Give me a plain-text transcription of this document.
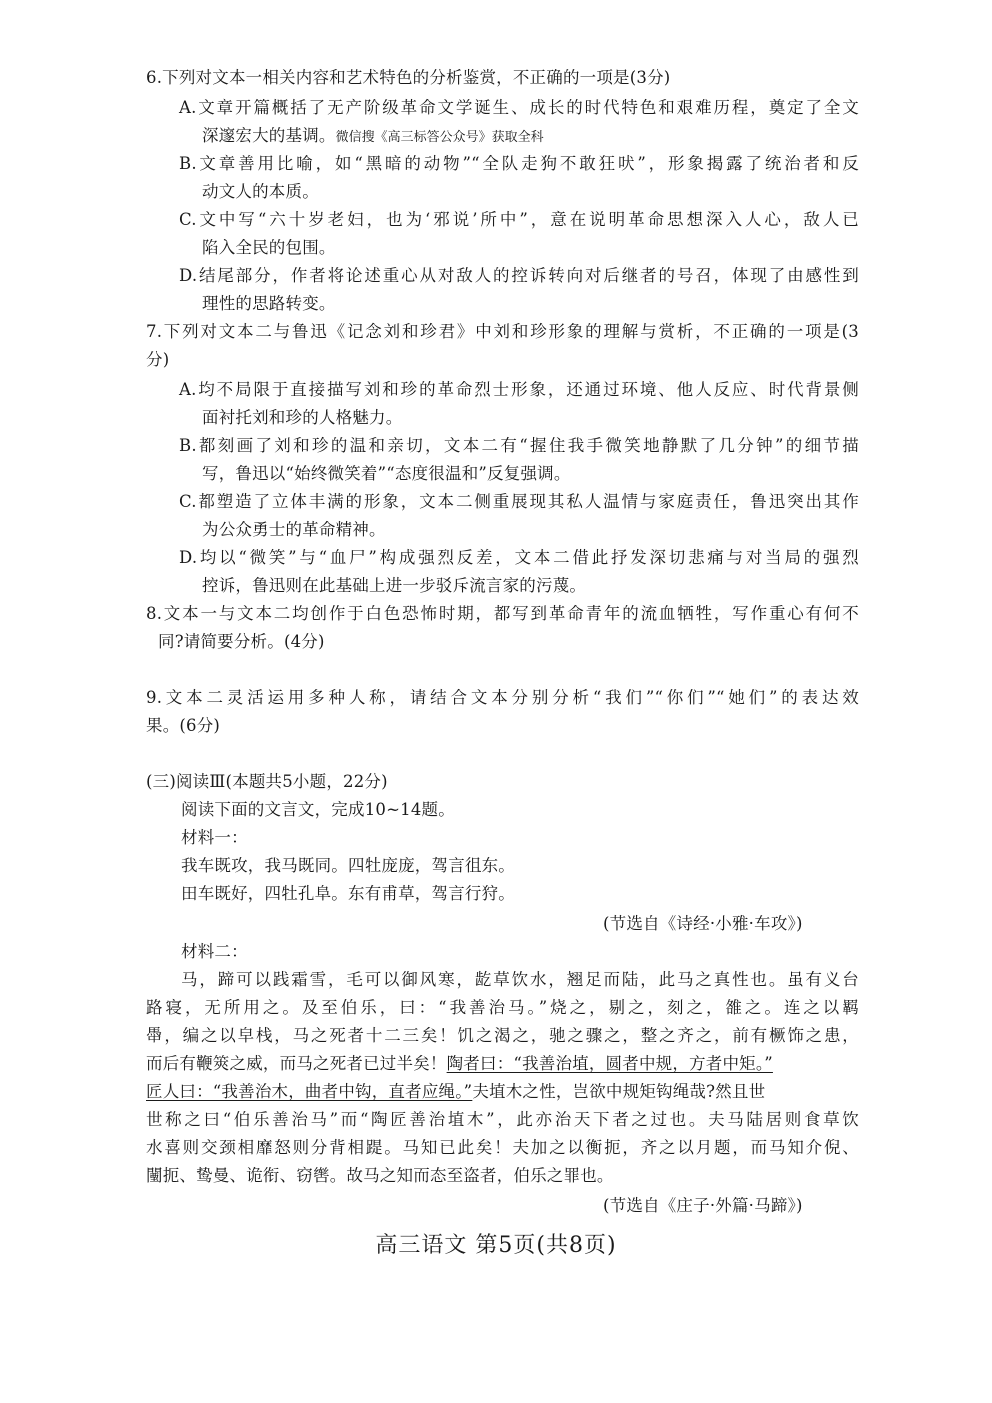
6.下列对文本一相关内容和艺术特色的分析鉴赏，不正确的一项是(3分)
A.文章开篇概括了无产阶级革命文学诞生、成长的时代特色和艰难历程，奠定了全文
深邃宏大的基调。微信搜《高三标答公众号》获取全科
B.文章善用比喻，如“黑暗的动物”“全队走狗不敢狂吠”，形象揭露了统治者和反
动文人的本质。
C.文中写“六十岁老妇，也为‘邪说’所中”，意在说明革命思想深入人心，敌人已
陷入全民的包围。
D.结尾部分，作者将论述重心从对敌人的控诉转向对后继者的号召，体现了由感性到
理性的思路转变。
7.下列对文本二与鲁迅《记念刘和珍君》中刘和珍形象的理解与赏析，不正确的一项是(3
分)
A.均不局限于直接描写刘和珍的革命烈士形象，还通过环境、他人反应、时代背景侧
面衬托刘和珍的人格魅力。
B.都刻画了刘和珍的温和亲切，文本二有“握住我手微笑地静默了几分钟”的细节描
写，鲁迅以“始终微笑着”“态度很温和”反复强调。
C.都塑造了立体丰满的形象，文本二侧重展现其私人温情与家庭责任，鲁迅突出其作
为公众勇士的革命精神。
D.均以“微笑”与“血尸”构成强烈反差，文本二借此抒发深切悲痛与对当局的强烈
控诉，鲁迅则在此基础上进一步驳斥流言家的污蔑。
8.文本一与文本二均创作于白色恐怖时期，都写到革命青年的流血牺牲，写作重心有何不
同?请简要分析。(4分)
9.文本二灵活运用多种人称，请结合文本分别分析“我们”“你们”“她们”的表达效
果。(6分)
(三)阅读Ⅲ(本题共5小题，22分)
阅读下面的文言文，完成10~14题。
材料一：
我车既攻，我马既同。四牡庞庞，驾言徂东。
田车既好，四牡孔阜。东有甫草，驾言行狩。
(节选自《诗经·小雅·车攻》)
材料二：
马，蹄可以践霜雪，毛可以御风寒，龁草饮水，翘足而陆，此马之真性也。虽有义台
路寝，无所用之。及至伯乐，曰：“我善治马。”烧之，剔之，刻之，雒之。连之以羁
馽，编之以皁栈，马之死者十二三矣！饥之渴之，驰之骤之，整之齐之，前有橛饰之患，
而后有鞭筴之威，而马之死者已过半矣！陶者曰：“我善治埴，圆者中规，方者中矩。”
匠人曰：“我善治木，曲者中钩，直者应绳。”夫埴木之性，岂欲中规矩钩绳哉?然且世
世称之曰“伯乐善治马”而“陶匠善治埴木”，此亦治天下者之过也。夫马陆居则食草饮
水喜则交颈相靡怒则分背相踶。马知已此矣！夫加之以衡扼，齐之以月题，而马知介倪、
闉扼、鸷曼、诡衔、窃辔。故马之知而态至盗者，伯乐之罪也。
(节选自《庄子·外篇·马蹄》)
高三语文 第5页(共8页)
